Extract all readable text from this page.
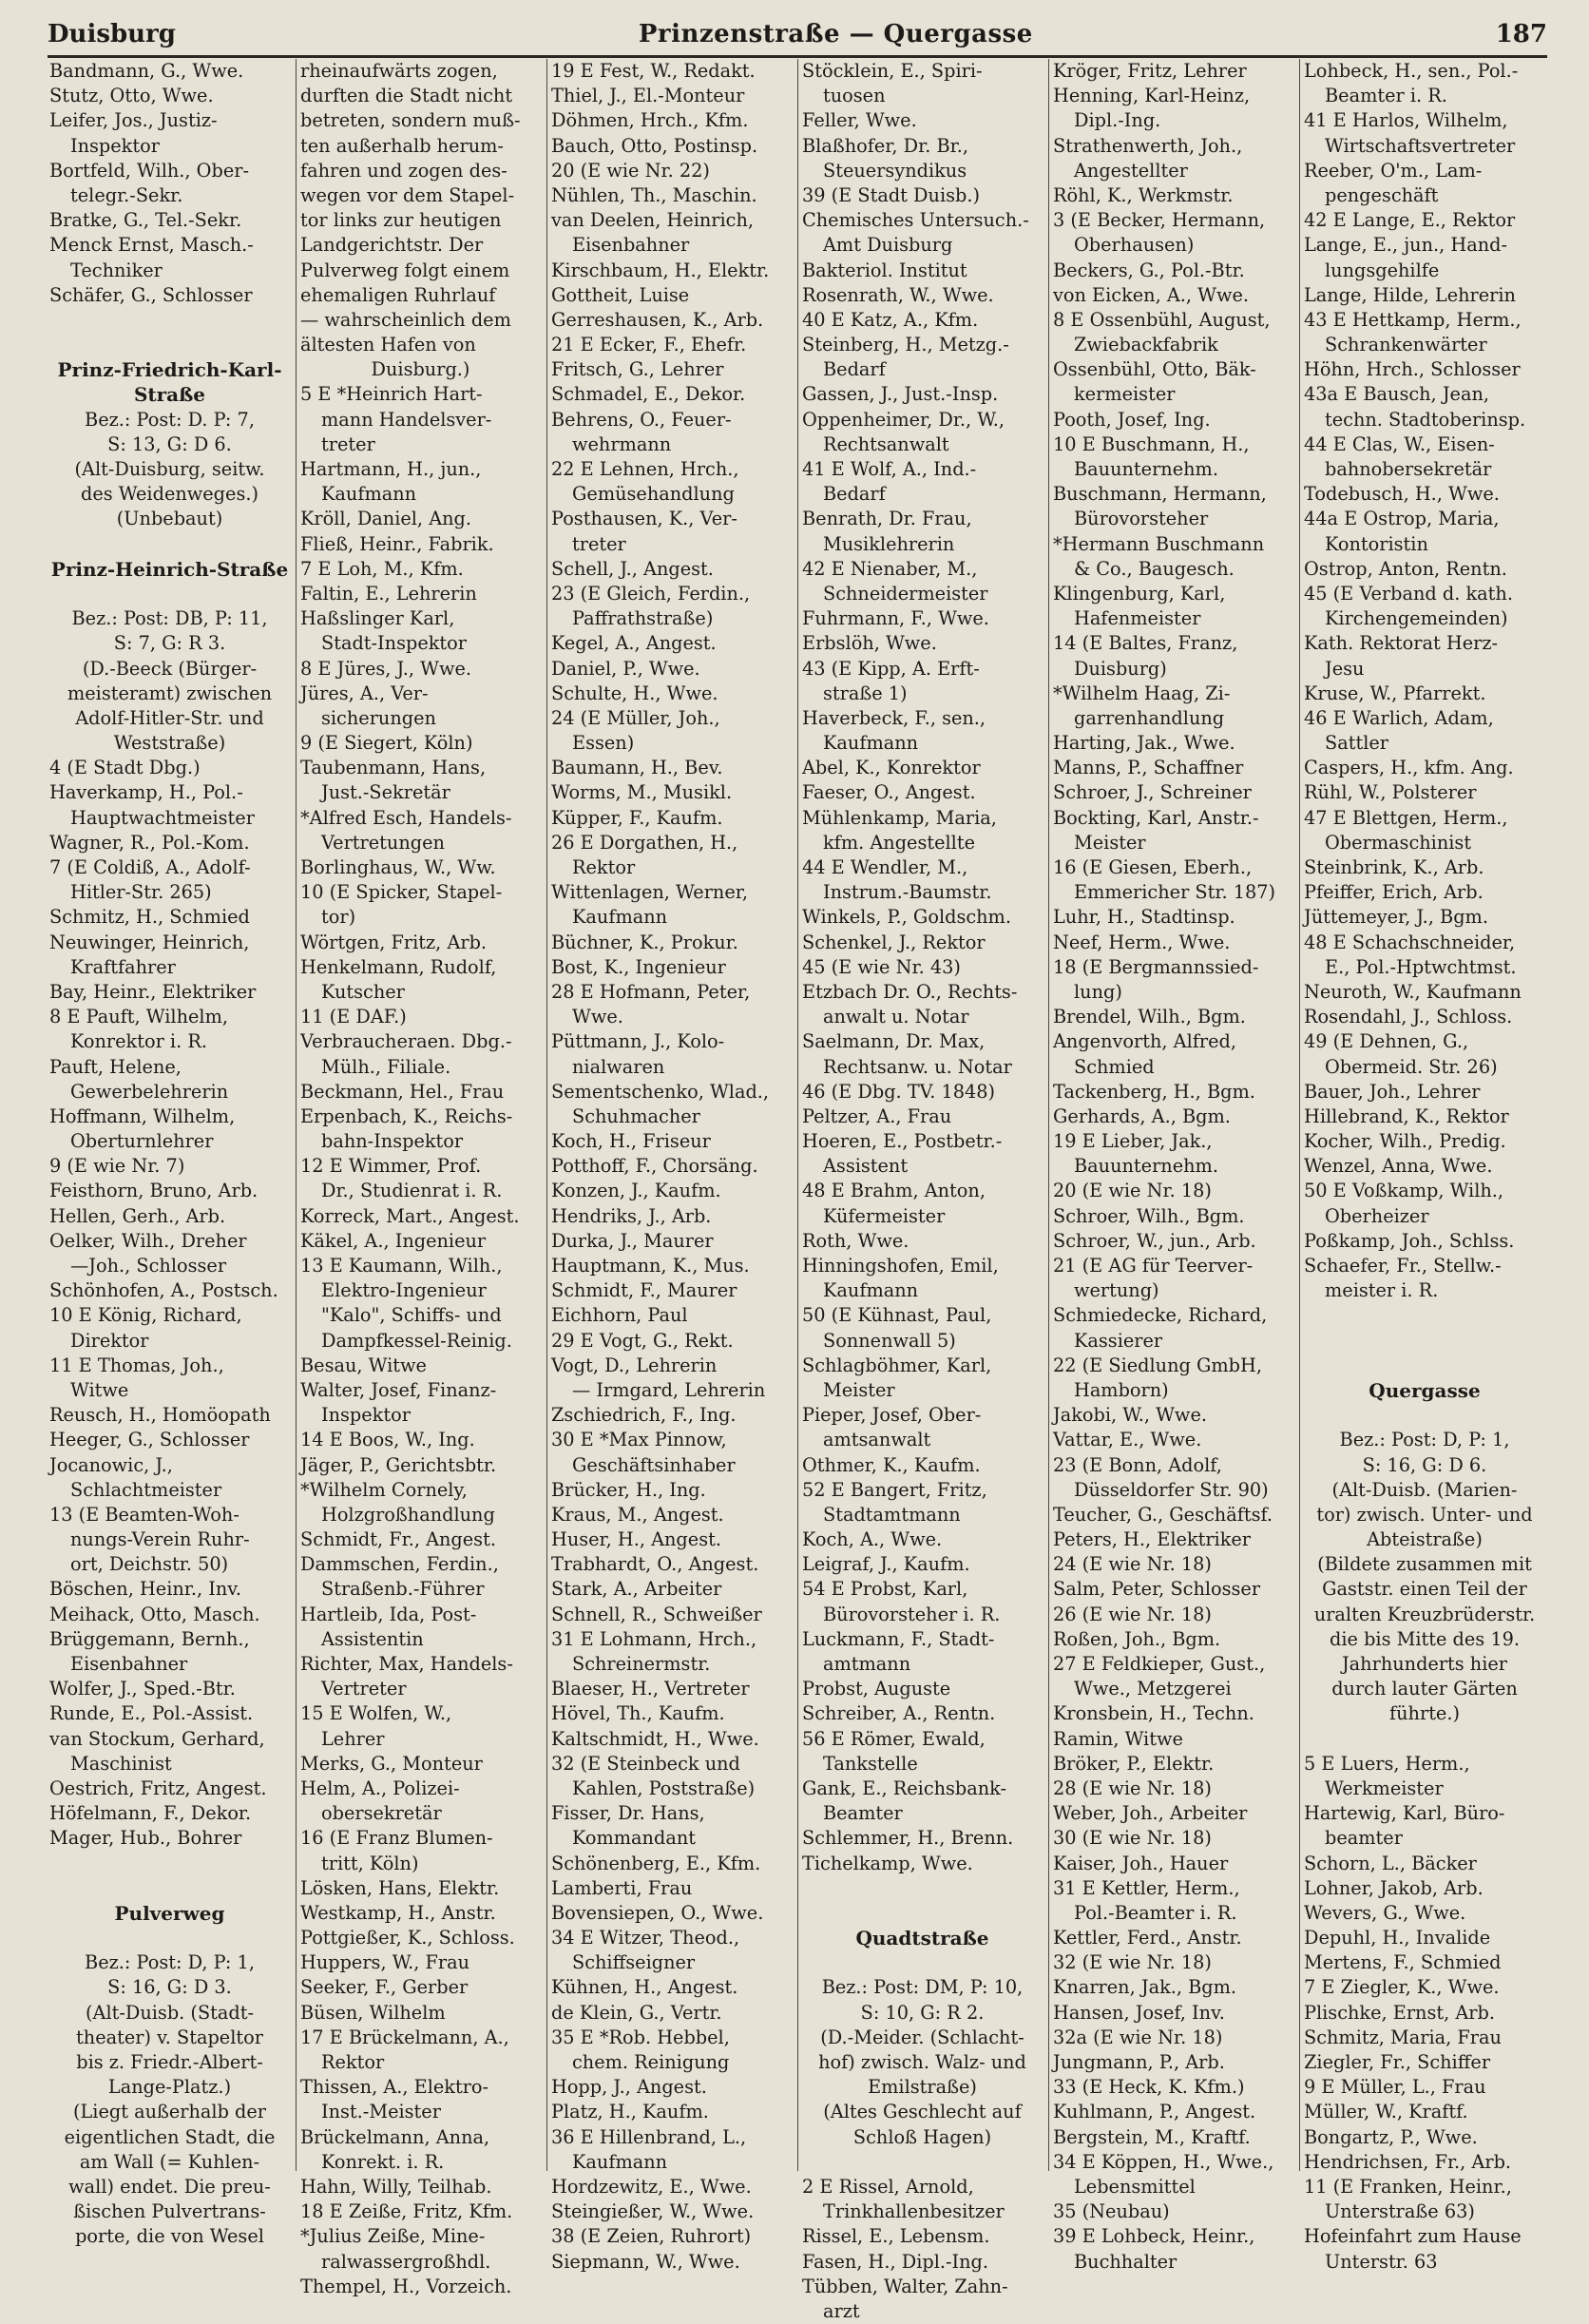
Duisburg	Prinzenstraße — Quergasse	187
Bandmann, G., Wwe.
Stutz, Otto, Wwe.
Leifer, Jos., Justiz-
Inspektor
Bortfeld, Wilh., Ober-
telegr.-Sekr.
Bratke, G., Tel.-Sekr.
Menck Ernst, Masch.-
Techniker
Schäfer, G., Schlosser
Prinz-Friedrich-Karl-
Straße
Bez.: Post: D. P: 7,
S: 13, G: D 6.
(Alt-Duisburg, seitw.
des Weidenweges.)
(Unbebaut)
Prinz-Heinrich-Straße
Bez.: Post: DB, P: 11,
S: 7, G: R 3.
(D.-Beeck (Bürger-
meisteramt) zwischen
Adolf-Hitler-Str. und
Weststraße)
4 (E Stadt Dbg.)
Haverkamp, H., Pol.-
Hauptwachtmeister
Wagner, R., Pol.-Kom.
7 (E Coldiß, A., Adolf-
Hitler-Str. 265)
Schmitz, H., Schmied
Neuwinger, Heinrich,
Kraftfahrer
Bay, Heinr., Elektriker
8 E Pauft, Wilhelm,
Konrektor i. R.
Pauft, Helene,
Gewerbelehrerin
Hoffmann, Wilhelm,
Oberturnlehrer
9 (E wie Nr. 7)
Feisthorn, Bruno, Arb.
Hellen, Gerh., Arb.
Oelker, Wilh., Dreher
—Joh., Schlosser
Schönhofen, A., Postsch.
10 E König, Richard,
Direktor
11 E Thomas, Joh.,
Witwe
Reusch, H., Homöopath
Heeger, G., Schlosser
Jocanowic, J.,
Schlachtmeister
13 (E Beamten-Woh-
nungs-Verein Ruhr-
ort, Deichstr. 50)
Böschen, Heinr., Inv.
Meihack, Otto, Masch.
Brüggemann, Bernh.,
Eisenbahner
Wolfer, J., Sped.-Btr.
Runde, E., Pol.-Assist.
van Stockum, Gerhard,
Maschinist
Oestrich, Fritz, Angest.
Höfelmann, F., Dekor.
Mager, Hub., Bohrer
Pulverweg
Bez.: Post: D, P: 1,
S: 16, G: D 3.
(Alt-Duisb. (Stadt-
theater) v. Stapeltor
bis z. Friedr.-Albert-
Lange-Platz.)
(Liegt außerhalb der
eigentlichen Stadt, die
am Wall (= Kuhlen-
wall) endet. Die preu-
ßischen Pulvertrans-
porte, die von Wesel
rheinaufwärts zogen,
durften die Stadt nicht
betreten, sondern muß-
ten außerhalb herum-
fahren und zogen des-
wegen vor dem Stapel-
tor links zur heutigen
Landgerichtstr. Der
Pulverweg folgt einem
ehemaligen Ruhrlauf
— wahrscheinlich dem
ältesten Hafen von
Duisburg.)
5 E *Heinrich Hart-
mann Handelsver-
treter
Hartmann, H., jun.,
Kaufmann
Kröll, Daniel, Ang.
Fließ, Heinr., Fabrik.
7 E Loh, M., Kfm.
Faltin, E., Lehrerin
Haßslinger Karl,
Stadt-Inspektor
8 E Jüres, J., Wwe.
Jüres, A., Ver-
sicherungen
9 (E Siegert, Köln)
Taubenmann, Hans,
Just.-Sekretär
*Alfred Esch, Handels-
Vertretungen
Borlinghaus, W., Ww.
10 (E Spicker, Stapel-
tor)
Wörtgen, Fritz, Arb.
Henkelmann, Rudolf,
Kutscher
11 (E DAF.)
Verbraucheraen. Dbg.-
Mülh., Filiale.
Beckmann, Hel., Frau
Erpenbach, K., Reichs-
bahn-Inspektor
12 E Wimmer, Prof.
Dr., Studienrat i. R.
Korreck, Mart., Angest.
Käkel, A., Ingenieur
13 E Kaumann, Wilh.,
Elektro-Ingenieur
"Kalo", Schiffs- und
Dampfkessel-Reinig.
Besau, Witwe
Walter, Josef, Finanz-
Inspektor
14 E Boos, W., Ing.
Jäger, P., Gerichtsbtr.
*Wilhelm Cornely,
Holzgroßhandlung
Schmidt, Fr., Angest.
Dammschen, Ferdin.,
Straßenb.-Führer
Hartleib, Ida, Post-
Assistentin
Richter, Max, Handels-
Vertreter
15 E Wolfen, W.,
Lehrer
Merks, G., Monteur
Helm, A., Polizei-
obersekretär
16 (E Franz Blumen-
tritt, Köln)
Lösken, Hans, Elektr.
Westkamp, H., Anstr.
Pottgießer, K., Schloss.
Huppers, W., Frau
Seeker, F., Gerber
Büsen, Wilhelm
17 E Brückelmann, A.,
Rektor
Thissen, A., Elektro-
Inst.-Meister
Brückelmann, Anna,
Konrekt. i. R.
Hahn, Willy, Teilhab.
18 E Zeiße, Fritz, Kfm.
*Julius Zeiße, Mine-
ralwassergroßhdl.
Thempel, H., Vorzeich.
19 E Fest, W., Redakt.
Thiel, J., El.-Monteur
Döhmen, Hrch., Kfm.
Bauch, Otto, Postinsp.
20 (E wie Nr. 22)
Nühlen, Th., Maschin.
van Deelen, Heinrich,
Eisenbahner
Kirschbaum, H., Elektr.
Gottheit, Luise
Gerreshausen, K., Arb.
21 E Ecker, F., Ehefr.
Fritsch, G., Lehrer
Schmadel, E., Dekor.
Behrens, O., Feuer-
wehrmann
22 E Lehnen, Hrch.,
Gemüsehandlung
Posthausen, K., Ver-
treter
Schell, J., Angest.
23 (E Gleich, Ferdin.,
Paffrathstraße)
Kegel, A., Angest.
Daniel, P., Wwe.
Schulte, H., Wwe.
24 (E Müller, Joh.,
Essen)
Baumann, H., Bev.
Worms, M., Musikl.
Küpper, F., Kaufm.
26 E Dorgathen, H.,
Rektor
Wittenlagen, Werner,
Kaufmann
Büchner, K., Prokur.
Bost, K., Ingenieur
28 E Hofmann, Peter,
Wwe.
Püttmann, J., Kolo-
nialwaren
Sementschenko, Wlad.,
Schuhmacher
Koch, H., Friseur
Potthoff, F., Chorsäng.
Konzen, J., Kaufm.
Hendriks, J., Arb.
Durka, J., Maurer
Hauptmann, K., Mus.
Schmidt, F., Maurer
Eichhorn, Paul
29 E Vogt, G., Rekt.
Vogt, D., Lehrerin
— Irmgard, Lehrerin
Zschiedrich, F., Ing.
30 E *Max Pinnow,
Geschäftsinhaber
Brücker, H., Ing.
Kraus, M., Angest.
Huser, H., Angest.
Trabhardt, O., Angest.
Stark, A., Arbeiter
Schnell, R., Schweißer
31 E Lohmann, Hrch.,
Schreinermstr.
Blaeser, H., Vertreter
Hövel, Th., Kaufm.
Kaltschmidt, H., Wwe.
32 (E Steinbeck und
Kahlen, Poststraße)
Fisser, Dr. Hans,
Kommandant
Schönenberg, E., Kfm.
Lamberti, Frau
Bovensiepen, O., Wwe.
34 E Witzer, Theod.,
Schiffseigner
Kühnen, H., Angest.
de Klein, G., Vertr.
35 E *Rob. Hebbel,
chem. Reinigung
Hopp, J., Angest.
Platz, H., Kaufm.
36 E Hillenbrand, L.,
Kaufmann
Hordzewitz, E., Wwe.
Steingießer, W., Wwe.
38 (E Zeien, Ruhrort)
Siepmann, W., Wwe.
Stöcklein, E., Spiri-
tuosen
Feller, Wwe.
Blaßhofer, Dr. Br.,
Steuersyndikus
39 (E Stadt Duisb.)
Chemisches Untersuch.-
Amt Duisburg
Bakteriol. Institut
Rosenrath, W., Wwe.
40 E Katz, A., Kfm.
Steinberg, H., Metzg.-
Bedarf
Gassen, J., Just.-Insp.
Oppenheimer, Dr., W.,
Rechtsanwalt
41 E Wolf, A., Ind.-
Bedarf
Benrath, Dr. Frau,
Musiklehrerin
42 E Nienaber, M.,
Schneidermeister
Fuhrmann, F., Wwe.
Erbslöh, Wwe.
43 (E Kipp, A. Erft-
straße 1)
Haverbeck, F., sen.,
Kaufmann
Abel, K., Konrektor
Faeser, O., Angest.
Mühlenkamp, Maria,
kfm. Angestellte
44 E Wendler, M.,
Instrum.-Baumstr.
Winkels, P., Goldschm.
Schenkel, J., Rektor
45 (E wie Nr. 43)
Etzbach Dr. O., Rechts-
anwalt u. Notar
Saelmann, Dr. Max,
Rechtsanw. u. Notar
46 (E Dbg. TV. 1848)
Peltzer, A., Frau
Hoeren, E., Postbetr.-
Assistent
48 E Brahm, Anton,
Küfermeister
Roth, Wwe.
Hinningshofen, Emil,
Kaufmann
50 (E Kühnast, Paul,
Sonnenwall 5)
Schlagböhmer, Karl,
Meister
Pieper, Josef, Ober-
amtsanwalt
Othmer, K., Kaufm.
52 E Bangert, Fritz,
Stadtamtmann
Koch, A., Wwe.
Leigraf, J., Kaufm.
54 E Probst, Karl,
Bürovorsteher i. R.
Luckmann, F., Stadt-
amtmann
Probst, Auguste
Schreiber, A., Rentn.
56 E Römer, Ewald,
Tankstelle
Gank, E., Reichsbank-
Beamter
Schlemmer, H., Brenn.
Tichelkamp, Wwe.
Quadtstraße
Bez.: Post: DM, P: 10,
S: 10, G: R 2.
(D.-Meider. (Schlacht-
hof) zwisch. Walz- und
Emilstraße)
(Altes Geschlecht auf
Schloß Hagen)
2 E Rissel, Arnold,
Trinkhallenbesitzer
Rissel, E., Lebensm.
Fasen, H., Dipl.-Ing.
Tübben, Walter, Zahn-
arzt
Kröger, Fritz, Lehrer
Henning, Karl-Heinz,
Dipl.-Ing.
Strathenwerth, Joh.,
Angestellter
Röhl, K., Werkmstr.
3 (E Becker, Hermann,
Oberhausen)
Beckers, G., Pol.-Btr.
von Eicken, A., Wwe.
8 E Ossenbühl, August,
Zwiebackfabrik
Ossenbühl, Otto, Bäk-
kermeister
Pooth, Josef, Ing.
10 E Buschmann, H.,
Bauunternehm.
Buschmann, Hermann,
Bürovorsteher
*Hermann Buschmann
& Co., Baugesch.
Klingenburg, Karl,
Hafenmeister
14 (E Baltes, Franz,
Duisburg)
*Wilhelm Haag, Zi-
garrenhandlung
Harting, Jak., Wwe.
Manns, P., Schaffner
Schroer, J., Schreiner
Bockting, Karl, Anstr.-
Meister
16 (E Giesen, Eberh.,
Emmericher Str. 187)
Luhr, H., Stadtinsp.
Neef, Herm., Wwe.
18 (E Bergmannssied-
lung)
Brendel, Wilh., Bgm.
Angenvorth, Alfred,
Schmied
Tackenberg, H., Bgm.
Gerhards, A., Bgm.
19 E Lieber, Jak.,
Bauunternehm.
20 (E wie Nr. 18)
Schroer, Wilh., Bgm.
Schroer, W., jun., Arb.
21 (E AG für Teerver-
wertung)
Schmiedecke, Richard,
Kassierer
22 (E Siedlung GmbH,
Hamborn)
Jakobi, W., Wwe.
Vattar, E., Wwe.
23 (E Bonn, Adolf,
Düsseldorfer Str. 90)
Teucher, G., Geschäftsf.
Peters, H., Elektriker
24 (E wie Nr. 18)
Salm, Peter, Schlosser
26 (E wie Nr. 18)
Roßen, Joh., Bgm.
27 E Feldkieper, Gust.,
Wwe., Metzgerei
Kronsbein, H., Techn.
Ramin, Witwe
Bröker, P., Elektr.
28 (E wie Nr. 18)
Weber, Joh., Arbeiter
30 (E wie Nr. 18)
Kaiser, Joh., Hauer
31 E Kettler, Herm.,
Pol.-Beamter i. R.
Kettler, Ferd., Anstr.
32 (E wie Nr. 18)
Knarren, Jak., Bgm.
Hansen, Josef, Inv.
32a (E wie Nr. 18)
Jungmann, P., Arb.
33 (E Heck, K. Kfm.)
Kuhlmann, P., Angest.
Bergstein, M., Kraftf.
34 E Köppen, H., Wwe.,
Lebensmittel
35 (Neubau)
39 E Lohbeck, Heinr.,
Buchhalter
Lohbeck, H., sen., Pol.-
Beamter i. R.
41 E Harlos, Wilhelm,
Wirtschaftsvertreter
Reeber, O'm., Lam-
pengeschäft
42 E Lange, E., Rektor
Lange, E., jun., Hand-
lungsgehilfe
Lange, Hilde, Lehrerin
43 E Hettkamp, Herm.,
Schrankenwärter
Höhn, Hrch., Schlosser
43a E Bausch, Jean,
techn. Stadtoberinsp.
44 E Clas, W., Eisen-
bahnobersekretär
Todebusch, H., Wwe.
44a E Ostrop, Maria,
Kontoristin
Ostrop, Anton, Rentn.
45 (E Verband d. kath.
Kirchengemeinden)
Kath. Rektorat Herz-
Jesu
Kruse, W., Pfarrekt.
46 E Warlich, Adam,
Sattler
Caspers, H., kfm. Ang.
Rühl, W., Polsterer
47 E Blettgen, Herm.,
Obermaschinist
Steinbrink, K., Arb.
Pfeiffer, Erich, Arb.
Jüttemeyer, J., Bgm.
48 E Schachschneider,
E., Pol.-Hptwchtmst.
Neuroth, W., Kaufmann
Rosendahl, J., Schloss.
49 (E Dehnen, G.,
Obermeid. Str. 26)
Bauer, Joh., Lehrer
Hillebrand, K., Rektor
Kocher, Wilh., Predig.
Wenzel, Anna, Wwe.
50 E Voßkamp, Wilh.,
Oberheizer
Poßkamp, Joh., Schlss.
Schaefer, Fr., Stellw.-
meister i. R.
Quergasse
Bez.: Post: D, P: 1,
S: 16, G: D 6.
(Alt-Duisb. (Marien-
tor) zwisch. Unter- und
Abteistraße)
(Bildete zusammen mit
Gaststr. einen Teil der
uralten Kreuzbrüderstr.
die bis Mitte des 19.
Jahrhunderts hier
durch lauter Gärten
führte.)
5 E Luers, Herm.,
Werkmeister
Hartewig, Karl, Büro-
beamter
Schorn, L., Bäcker
Lohner, Jakob, Arb.
Wevers, G., Wwe.
Depuhl, H., Invalide
Mertens, F., Schmied
7 E Ziegler, K., Wwe.
Plischke, Ernst, Arb.
Schmitz, Maria, Frau
Ziegler, Fr., Schiffer
9 E Müller, L., Frau
Müller, W., Kraftf.
Bongartz, P., Wwe.
Hendrichsen, Fr., Arb.
11 (E Franken, Heinr.,
Unterstraße 63)
Hofeinfahrt zum Hause
Unterstr. 63
